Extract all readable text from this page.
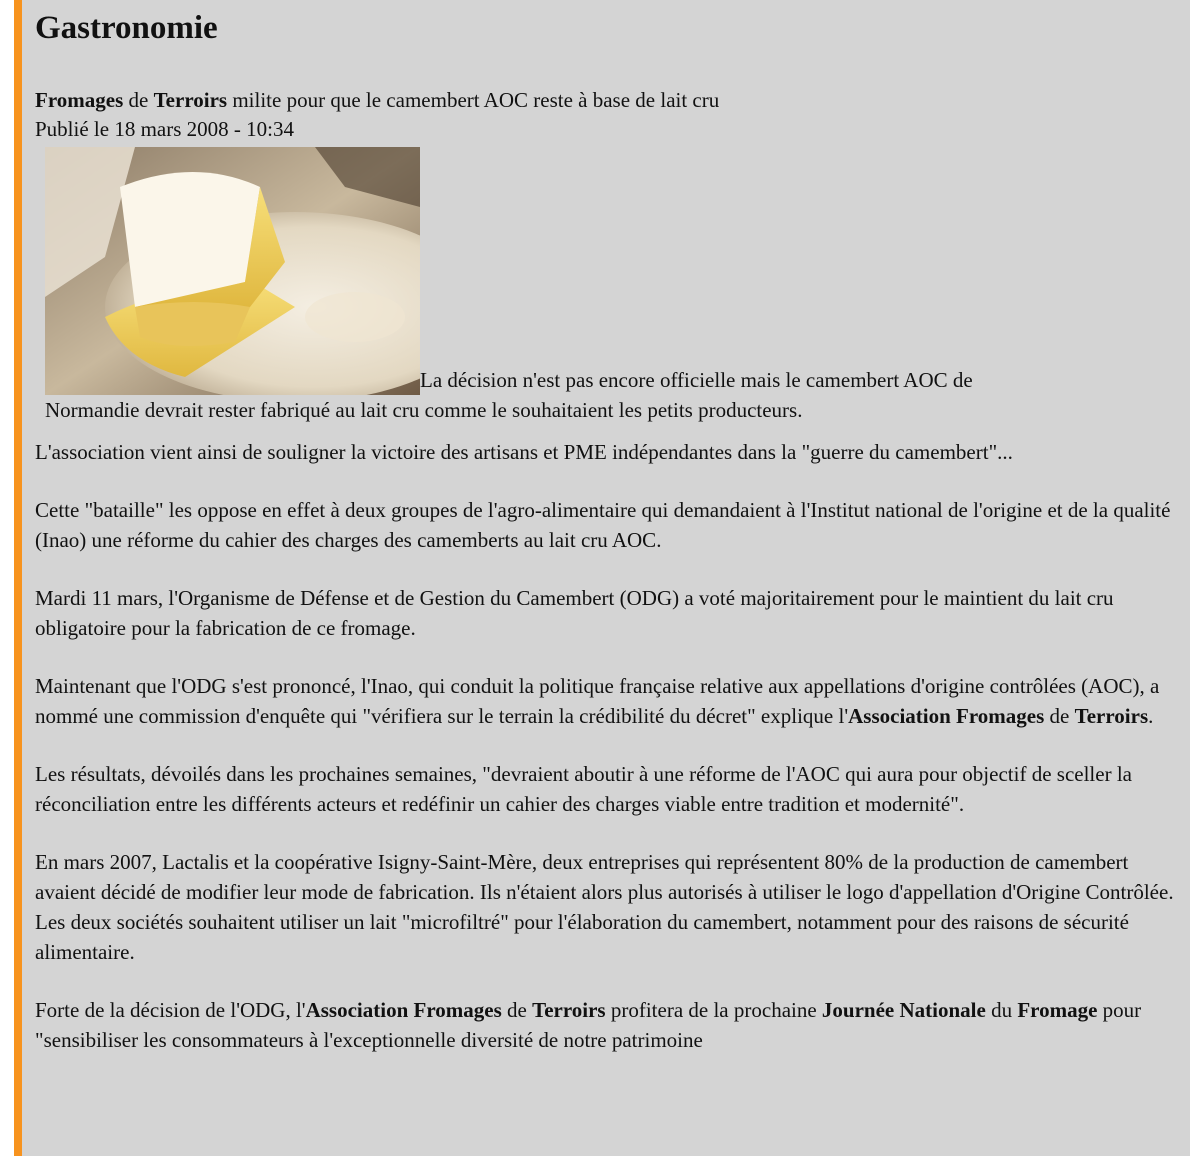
Gastronomie
Fromages de Terroirs milite pour que le camembert AOC reste à base de lait cru
Publié le 18 mars 2008 - 10:34
La décision n'est pas encore officielle mais le camembert AOC de
Normandie devrait rester fabriqué au lait cru comme le souhaitaient les petits producteurs.

L'association vient ainsi de souligner la victoire des artisans et PME indépendantes dans la "guerre du camembert"...

Cette "bataille" les oppose en effet à deux groupes de l'agro-alimentaire qui demandaient à l'Institut national de l'origine et de la qualité (Inao) une réforme du cahier des charges des camemberts au lait cru AOC.

Mardi 11 mars, l'Organisme de Défense et de Gestion du Camembert (ODG) a voté majoritairement pour le maintient du lait cru obligatoire pour la fabrication de ce fromage.

Maintenant que l'ODG s'est prononcé, l'Inao, qui conduit la politique française relative aux appellations d'origine contrôlées (AOC), a nommé une commission d'enquête qui "vérifiera sur le terrain la crédibilité du décret" explique l'Association Fromages de Terroirs.

Les résultats, dévoilés dans les prochaines semaines, "devraient aboutir à une réforme de l'AOC qui aura pour objectif de sceller la réconciliation entre les différents acteurs et redéfinir un cahier des charges viable entre tradition et modernité".

En mars 2007, Lactalis et la coopérative Isigny-Saint-Mère, deux entreprises qui représentent 80% de la production de camembert avaient décidé de modifier leur mode de fabrication. Ils n'étaient alors plus autorisés à utiliser le logo d'appellation d'Origine Contrôlée. Les deux sociétés souhaitent utiliser un lait "microfiltré" pour l'élaboration du camembert, notamment pour des raisons de sécurité alimentaire.

Forte de la décision de l'ODG, l'Association Fromages de Terroirs profitera de la prochaine Journée Nationale du Fromage pour "sensibiliser les consommateurs à l'exceptionnelle diversité de notre patrimoine
